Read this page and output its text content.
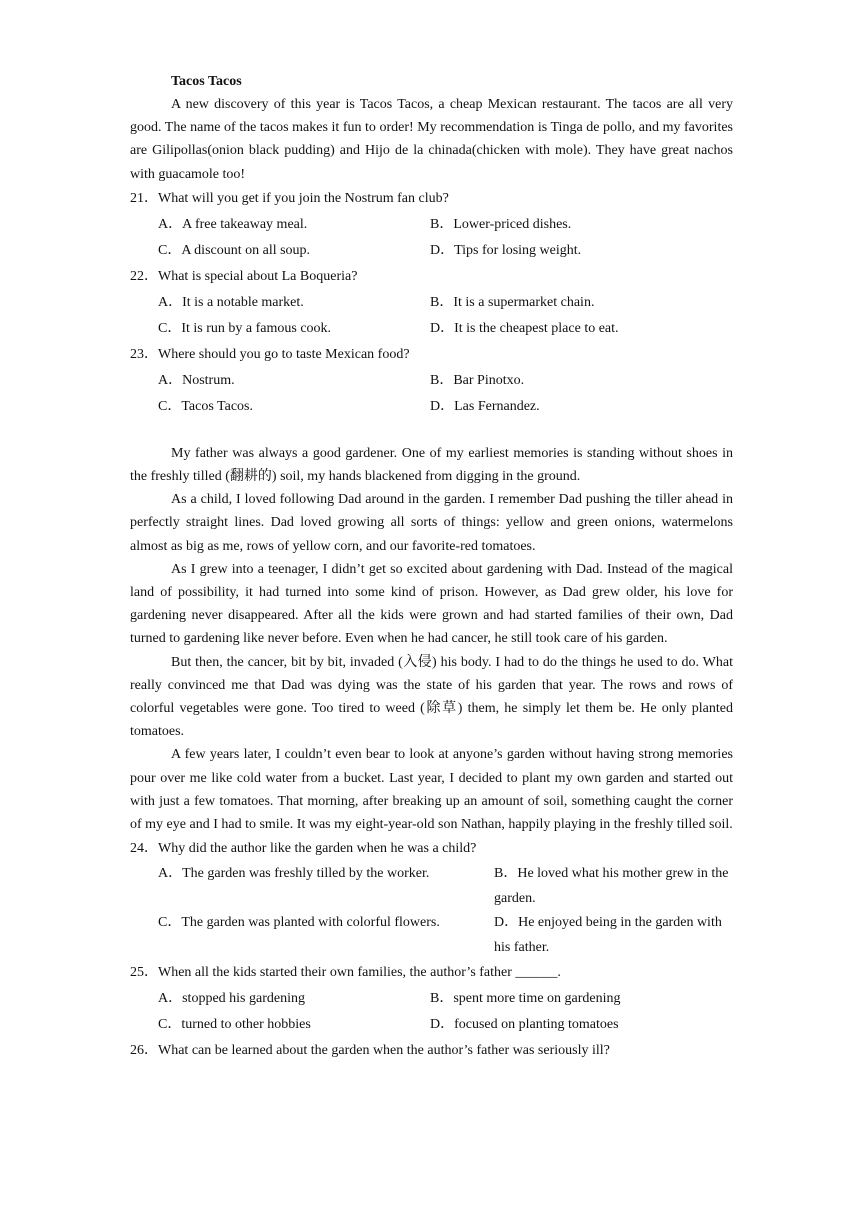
Tacos Tacos

A new discovery of this year is Tacos Tacos, a cheap Mexican restaurant. The tacos are all very good. The name of the tacos makes it fun to order! My recommendation is Tinga de pollo, and my favorites are Gilipollas(onion black pudding) and Hijo de la chinada(chicken with mole). They have great nachos with guacamole too!

21．What will you get if you join the Nostrum fan club?

A．A free takeaway meal.	B．Lower-priced dishes.
C．A discount on all soup.	D．Tips for losing weight.

22．What is special about La Boqueria?

A．It is a notable market.	B．It is a supermarket chain.
C．It is run by a famous cook.	D．It is the cheapest place to eat.

23．Where should you go to taste Mexican food?

A．Nostrum.	B．Bar Pinotxo.
C．Tacos Tacos.	D．Las Fernandez.

My father was always a good gardener. One of my earliest memories is standing without shoes in the freshly tilled (翻耕的) soil, my hands blackened from digging in the ground.

As a child, I loved following Dad around in the garden. I remember Dad pushing the tiller ahead in perfectly straight lines. Dad loved growing all sorts of things: yellow and green onions, watermelons almost as big as me, rows of yellow corn, and our favorite-red tomatoes.

As I grew into a teenager, I didn’t get so excited about gardening with Dad. Instead of the magical land of possibility, it had turned into some kind of prison. However, as Dad grew older, his love for gardening never disappeared. After all the kids were grown and had started families of their own, Dad turned to gardening like never before. Even when he had cancer, he still took care of his garden.

But then, the cancer, bit by bit, invaded (入侵) his body. I had to do the things he used to do. What really convinced me that Dad was dying was the state of his garden that year. The rows and rows of colorful vegetables were gone. Too tired to weed (除草) them, he simply let them be. He only planted tomatoes.

A few years later, I couldn’t even bear to look at anyone’s garden without having strong memories pour over me like cold water from a bucket. Last year, I decided to plant my own garden and started out with just a few tomatoes. That morning, after breaking up an amount of soil, something caught the corner of my eye and I had to smile. It was my eight-year-old son Nathan, happily playing in the freshly tilled soil.

24．Why did the author like the garden when he was a child?

A．The garden was freshly tilled by the worker.	B．He loved what his mother grew in the garden.
C．The garden was planted with colorful flowers.	D．He enjoyed being in the garden with his father.

25．When all the kids started their own families, the author’s father ______.

A．stopped his gardening	B．spent more time on gardening
C．turned to other hobbies	D．focused on planting tomatoes

26．What can be learned about the garden when the author’s father was seriously ill?
